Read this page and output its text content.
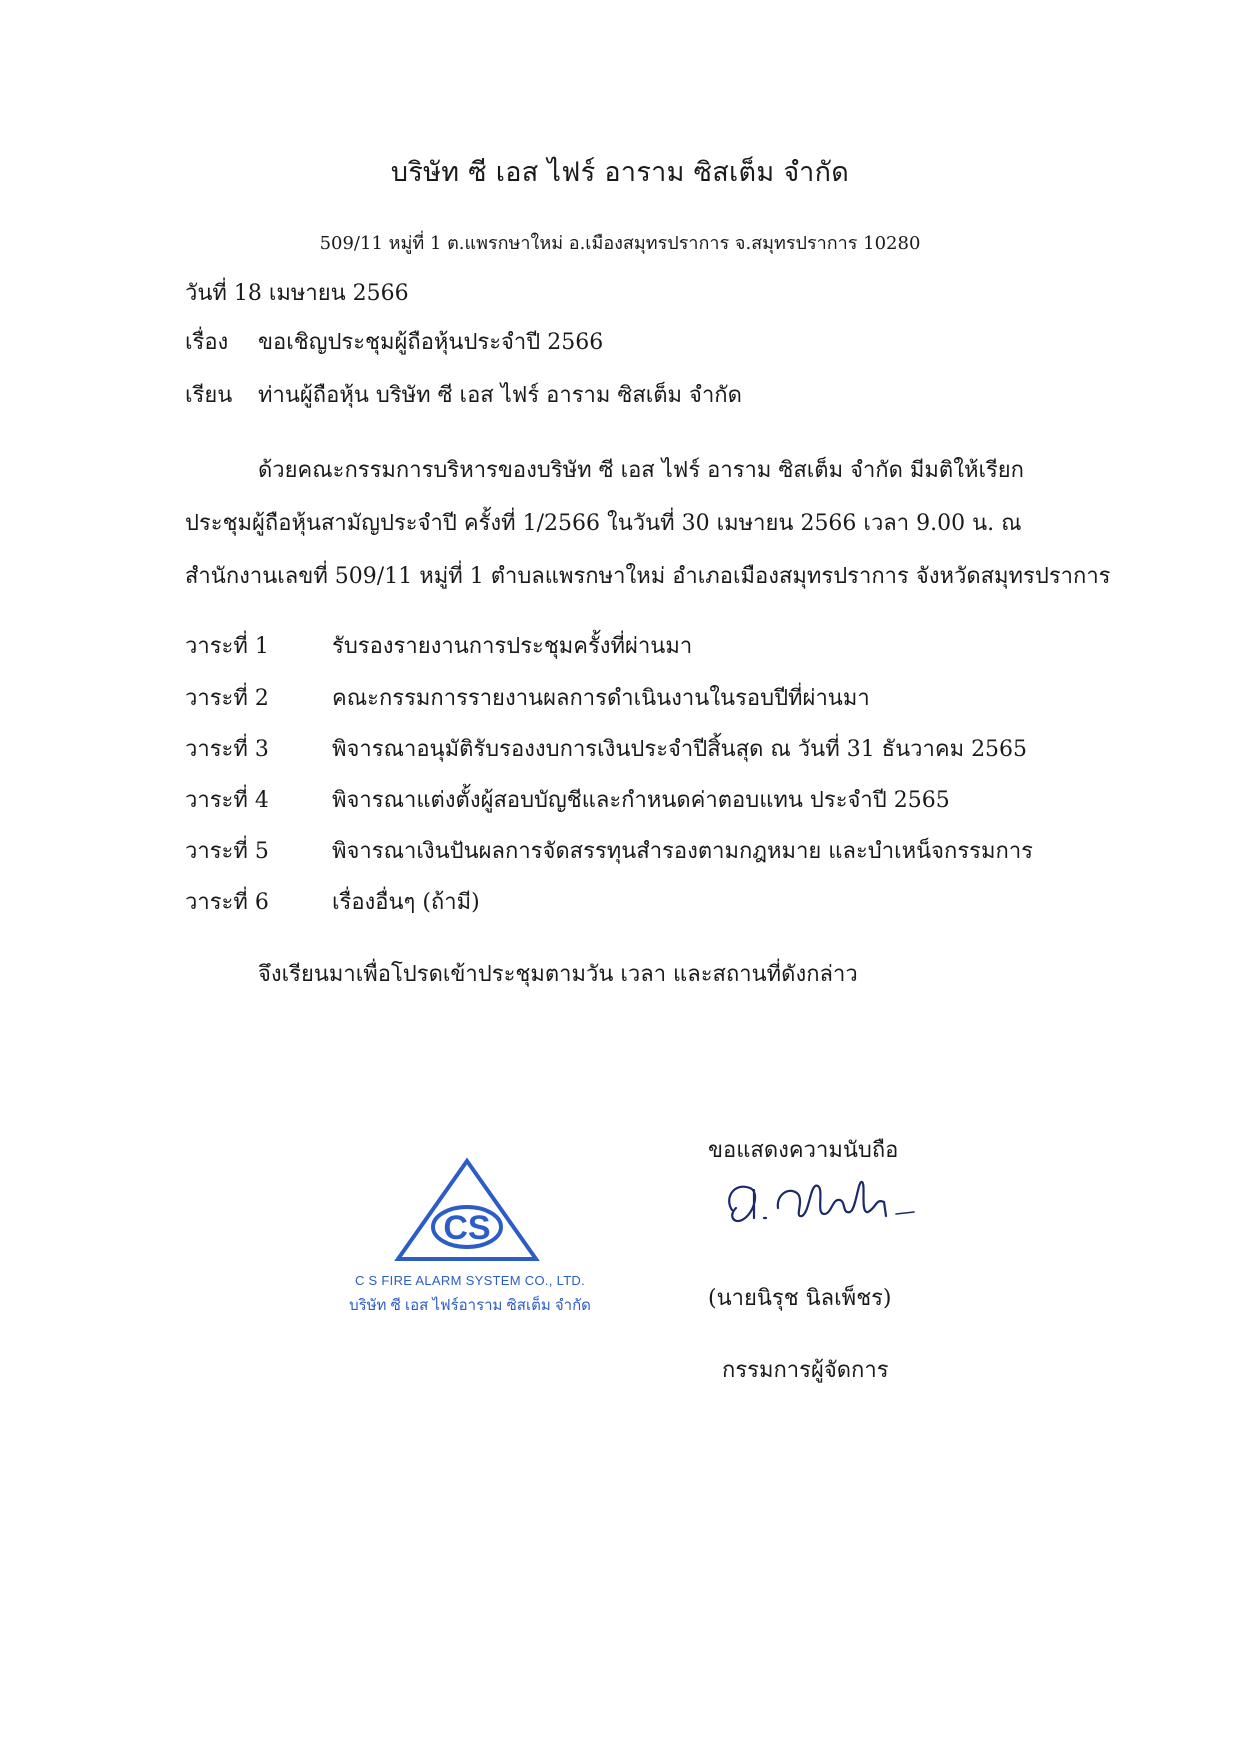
บริษัท ซี เอส ไฟร์ อาราม ซิสเต็ม จำกัด
509/11 หมู่ที่ 1 ต.แพรกษาใหม่ อ.เมืองสมุทรปราการ จ.สมุทรปราการ 10280
วันที่ 18 เมษายน 2566
เรื่อง ขอเชิญประชุมผู้ถือหุ้นประจำปี 2566
เรียน ท่านผู้ถือหุ้น บริษัท ซี เอส ไฟร์ อาราม ซิสเต็ม จำกัด
ด้วยคณะกรรมการบริหารของบริษัท ซี เอส ไฟร์ อาราม ซิสเต็ม จำกัด มีมติให้เรียก
ประชุมผู้ถือหุ้นสามัญประจำปี ครั้งที่ 1/2566 ในวันที่ 30 เมษายน 2566 เวลา 9.00 น. ณ
สำนักงานเลขที่ 509/11 หมู่ที่ 1 ตำบลแพรกษาใหม่ อำเภอเมืองสมุทรปราการ จังหวัดสมุทรปราการ
วาระที่ 1	รับรองรายงานการประชุมครั้งที่ผ่านมา
วาระที่ 2	คณะกรรมการรายงานผลการดำเนินงานในรอบปีที่ผ่านมา
วาระที่ 3	พิจารณาอนุมัติรับรองงบการเงินประจำปีสิ้นสุด ณ วันที่ 31 ธันวาคม 2565
วาระที่ 4	พิจารณาแต่งตั้งผู้สอบบัญชีและกำหนดค่าตอบแทน ประจำปี 2565
วาระที่ 5	พิจารณาเงินปันผลการจัดสรรทุนสำรองตามกฎหมาย และบำเหน็จกรรมการ
วาระที่ 6	เรื่องอื่นๆ (ถ้ามี)
จึงเรียนมาเพื่อโปรดเข้าประชุมตามวัน เวลา และสถานที่ดังกล่าว
CS
C S FIRE ALARM SYSTEM CO., LTD.
บริษัท ซี เอส ไฟร์อาราม ซิสเต็ม จำกัด
ขอแสดงความนับถือ
(นายนิรุช นิลเพ็ชร)
กรรมการผู้จัดการ
